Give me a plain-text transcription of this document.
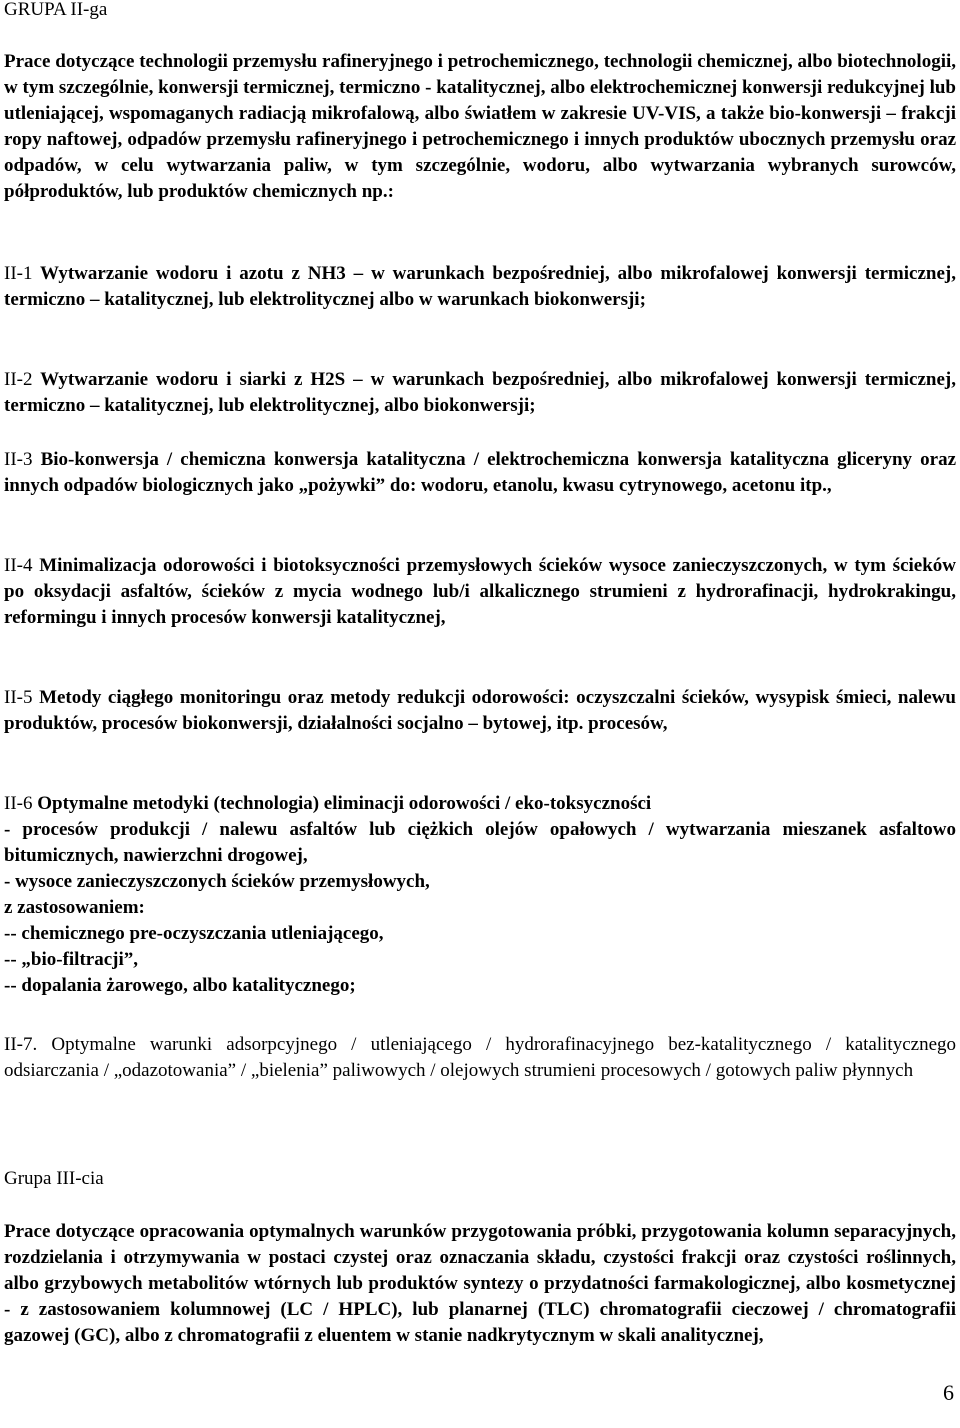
GRUPA II-ga
Prace dotyczące technologii przemysłu rafineryjnego i petrochemicznego, technologii chemicznej, albo biotechnologii, w tym szczególnie, konwersji termicznej, termiczno - katalitycznej, albo elektrochemicznej konwersji redukcyjnej lub utleniającej, wspomaganych radiacją mikrofalową, albo światłem w zakresie UV-VIS, a także bio-konwersji – frakcji ropy naftowej, odpadów przemysłu rafineryjnego i petrochemicznego i innych produktów ubocznych przemysłu oraz odpadów, w celu wytwarzania paliw, w tym szczególnie, wodoru, albo wytwarzania wybranych surowców, półproduktów, lub produktów chemicznych np.:
II-1 Wytwarzanie wodoru i azotu z NH3 – w warunkach bezpośredniej, albo mikrofalowej konwersji termicznej, termiczno – katalitycznej, lub elektrolitycznej albo w warunkach biokonwersji;
II-2 Wytwarzanie wodoru i siarki z H2S – w warunkach bezpośredniej, albo mikrofalowej konwersji termicznej, termiczno – katalitycznej, lub elektrolitycznej, albo biokonwersji;
II-3 Bio-konwersja / chemiczna konwersja katalityczna / elektrochemiczna konwersja katalityczna gliceryny oraz innych odpadów biologicznych jako „pożywki” do: wodoru, etanolu, kwasu cytrynowego, acetonu itp.,
II-4 Minimalizacja odorowości i biotoksyczności przemysłowych ścieków wysoce zanieczyszczonych, w tym ścieków po oksydacji asfaltów, ścieków z mycia wodnego lub/i alkalicznego strumieni z hydrorafinacji, hydrokrakingu, reformingu i innych procesów konwersji katalitycznej,
II-5 Metody ciągłego monitoringu oraz metody redukcji odorowości: oczyszczalni ścieków, wysypisk śmieci, nalewu produktów, procesów biokonwersji, działalności socjalno – bytowej, itp. procesów,
II-6 Optymalne metodyki (technologia) eliminacji odorowości / eko-toksyczności
- procesów produkcji / nalewu asfaltów lub ciężkich olejów opałowych / wytwarzania mieszanek asfaltowo bitumicznych, nawierzchni drogowej,
- wysoce zanieczyszczonych ścieków przemysłowych,
z zastosowaniem:
-- chemicznego pre-oczyszczania utleniającego,
-- „bio-filtracji”,
-- dopalania żarowego, albo katalitycznego;
II-7. Optymalne warunki adsorpcyjnego / utleniającego / hydrorafinacyjnego bez-katalitycznego / katalitycznego odsiarczania / „odazotowania” / „bielenia” paliwowych / olejowych strumieni procesowych / gotowych paliw płynnych
Grupa III-cia
Prace dotyczące opracowania optymalnych warunków przygotowania próbki, przygotowania kolumn separacyjnych, rozdzielania i otrzymywania w postaci czystej oraz oznaczania składu, czystości frakcji oraz czystości roślinnych, albo grzybowych metabolitów wtórnych lub produktów syntezy o przydatności farmakologicznej, albo kosmetycznej - z zastosowaniem kolumnowej (LC / HPLC), lub planarnej (TLC) chromatografii cieczowej / chromatografii gazowej (GC), albo z chromatografii z eluentem w stanie nadkrytycznym w skali analitycznej,
6
